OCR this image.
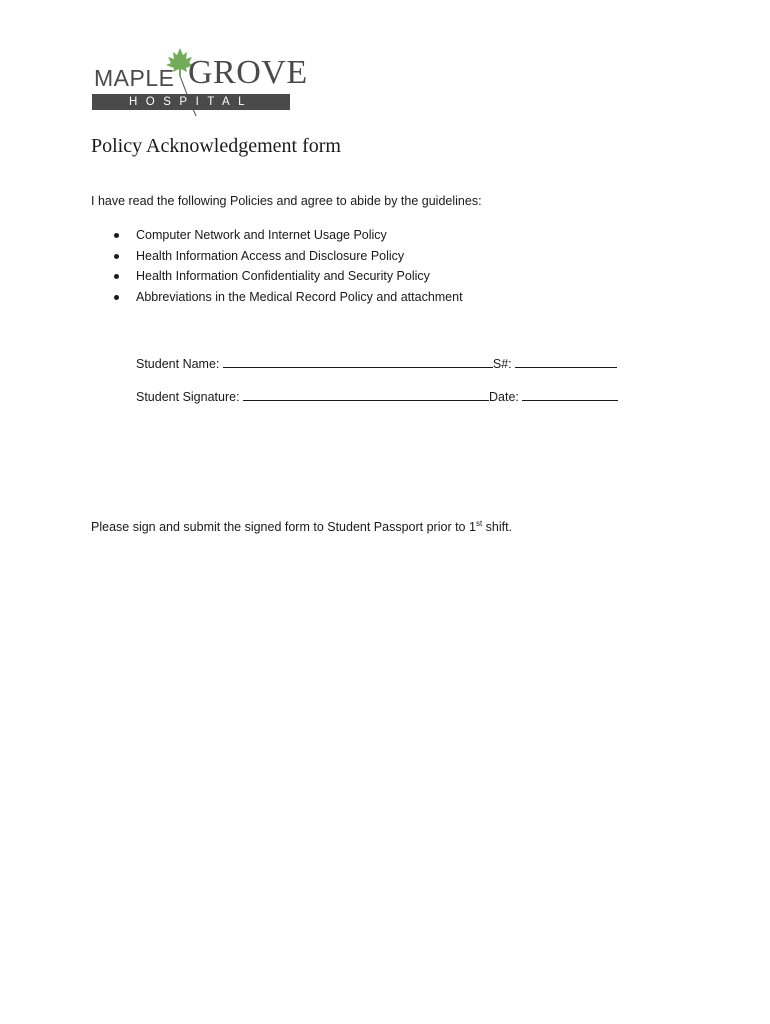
MAPLE GROVE
HOSPITAL
Policy Acknowledgement form
I have read the following Policies and agree to abide by the guidelines:
Computer Network and Internet Usage Policy
Health Information Access and Disclosure Policy
Health Information Confidentiality and Security Policy
Abbreviations in the Medical Record Policy and attachment
Student Name:	S#:
Student Signature:	Date:
Please sign and submit the signed form to Student Passport prior to 1st shift.
